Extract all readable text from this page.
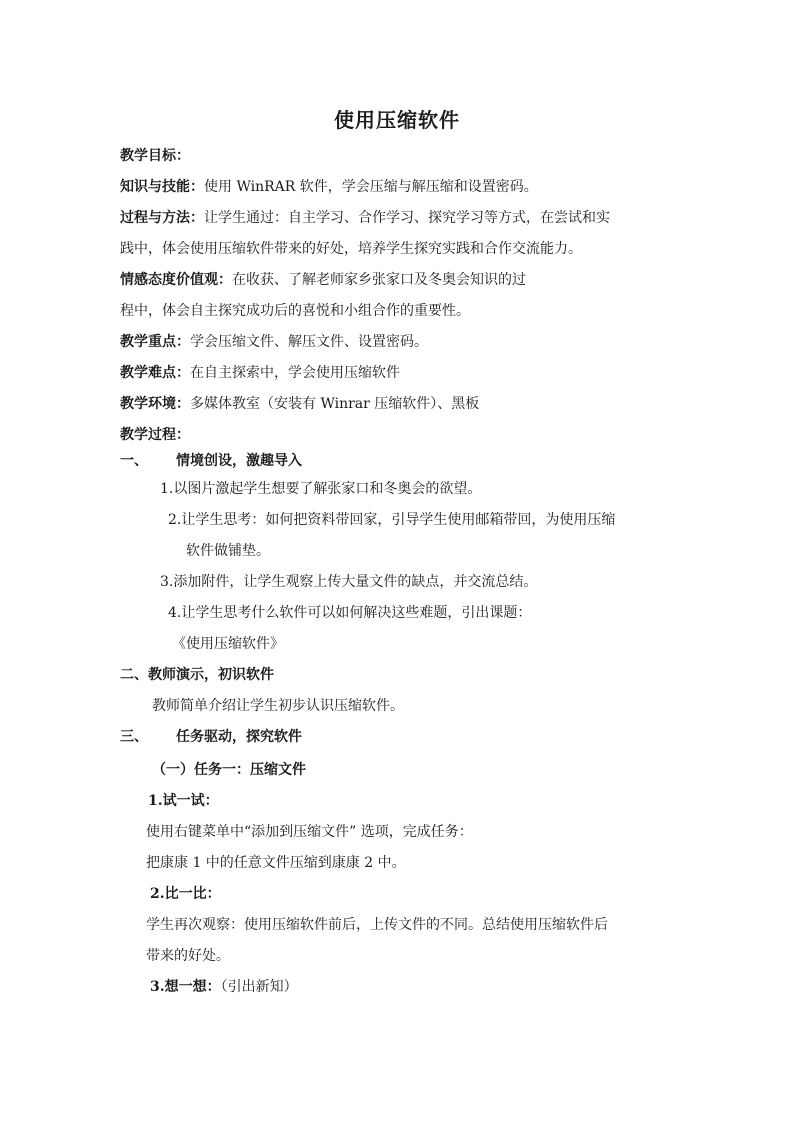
使用压缩软件
教学目标：
知识与技能：使用 WinRAR 软件，学会压缩与解压缩和设置密码。
过程与方法：让学生通过：自主学习、合作学习、探究学习等方式，在尝试和实
践中，体会使用压缩软件带来的好处，培养学生探究实践和合作交流能力。
情感态度价值观：在收获、了解老师家乡张家口及冬奥会知识的过
程中，体会自主探究成功后的喜悦和小组合作的重要性。
教学重点：学会压缩文件、解压文件、设置密码。
教学难点：在自主探索中，学会使用压缩软件
教学环境：多媒体教室（安装有 Winrar 压缩软件）、黑板
教学过程：
一、 情境创设，激趣导入
1.以图片激起学生想要了解张家口和冬奥会的欲望。
2.让学生思考：如何把资料带回家，引导学生使用邮箱带回，为使用压缩
软件做铺垫。
3.添加附件，让学生观察上传大量文件的缺点，并交流总结。
4.让学生思考什么软件可以如何解决这些难题，引出课题：
《使用压缩软件》
二、教师演示，初识软件
教师简单介绍让学生初步认识压缩软件。
三、 任务驱动，探究软件
（一）任务一：压缩文件
1.试一试：
使用右键菜单中“添加到压缩文件” 选项，完成任务：
把康康 1 中的任意文件压缩到康康 2 中。
2.比一比：
学生再次观察：使用压缩软件前后，上传文件的不同。总结使用压缩软件后
带来的好处。
3.想一想：（引出新知）
